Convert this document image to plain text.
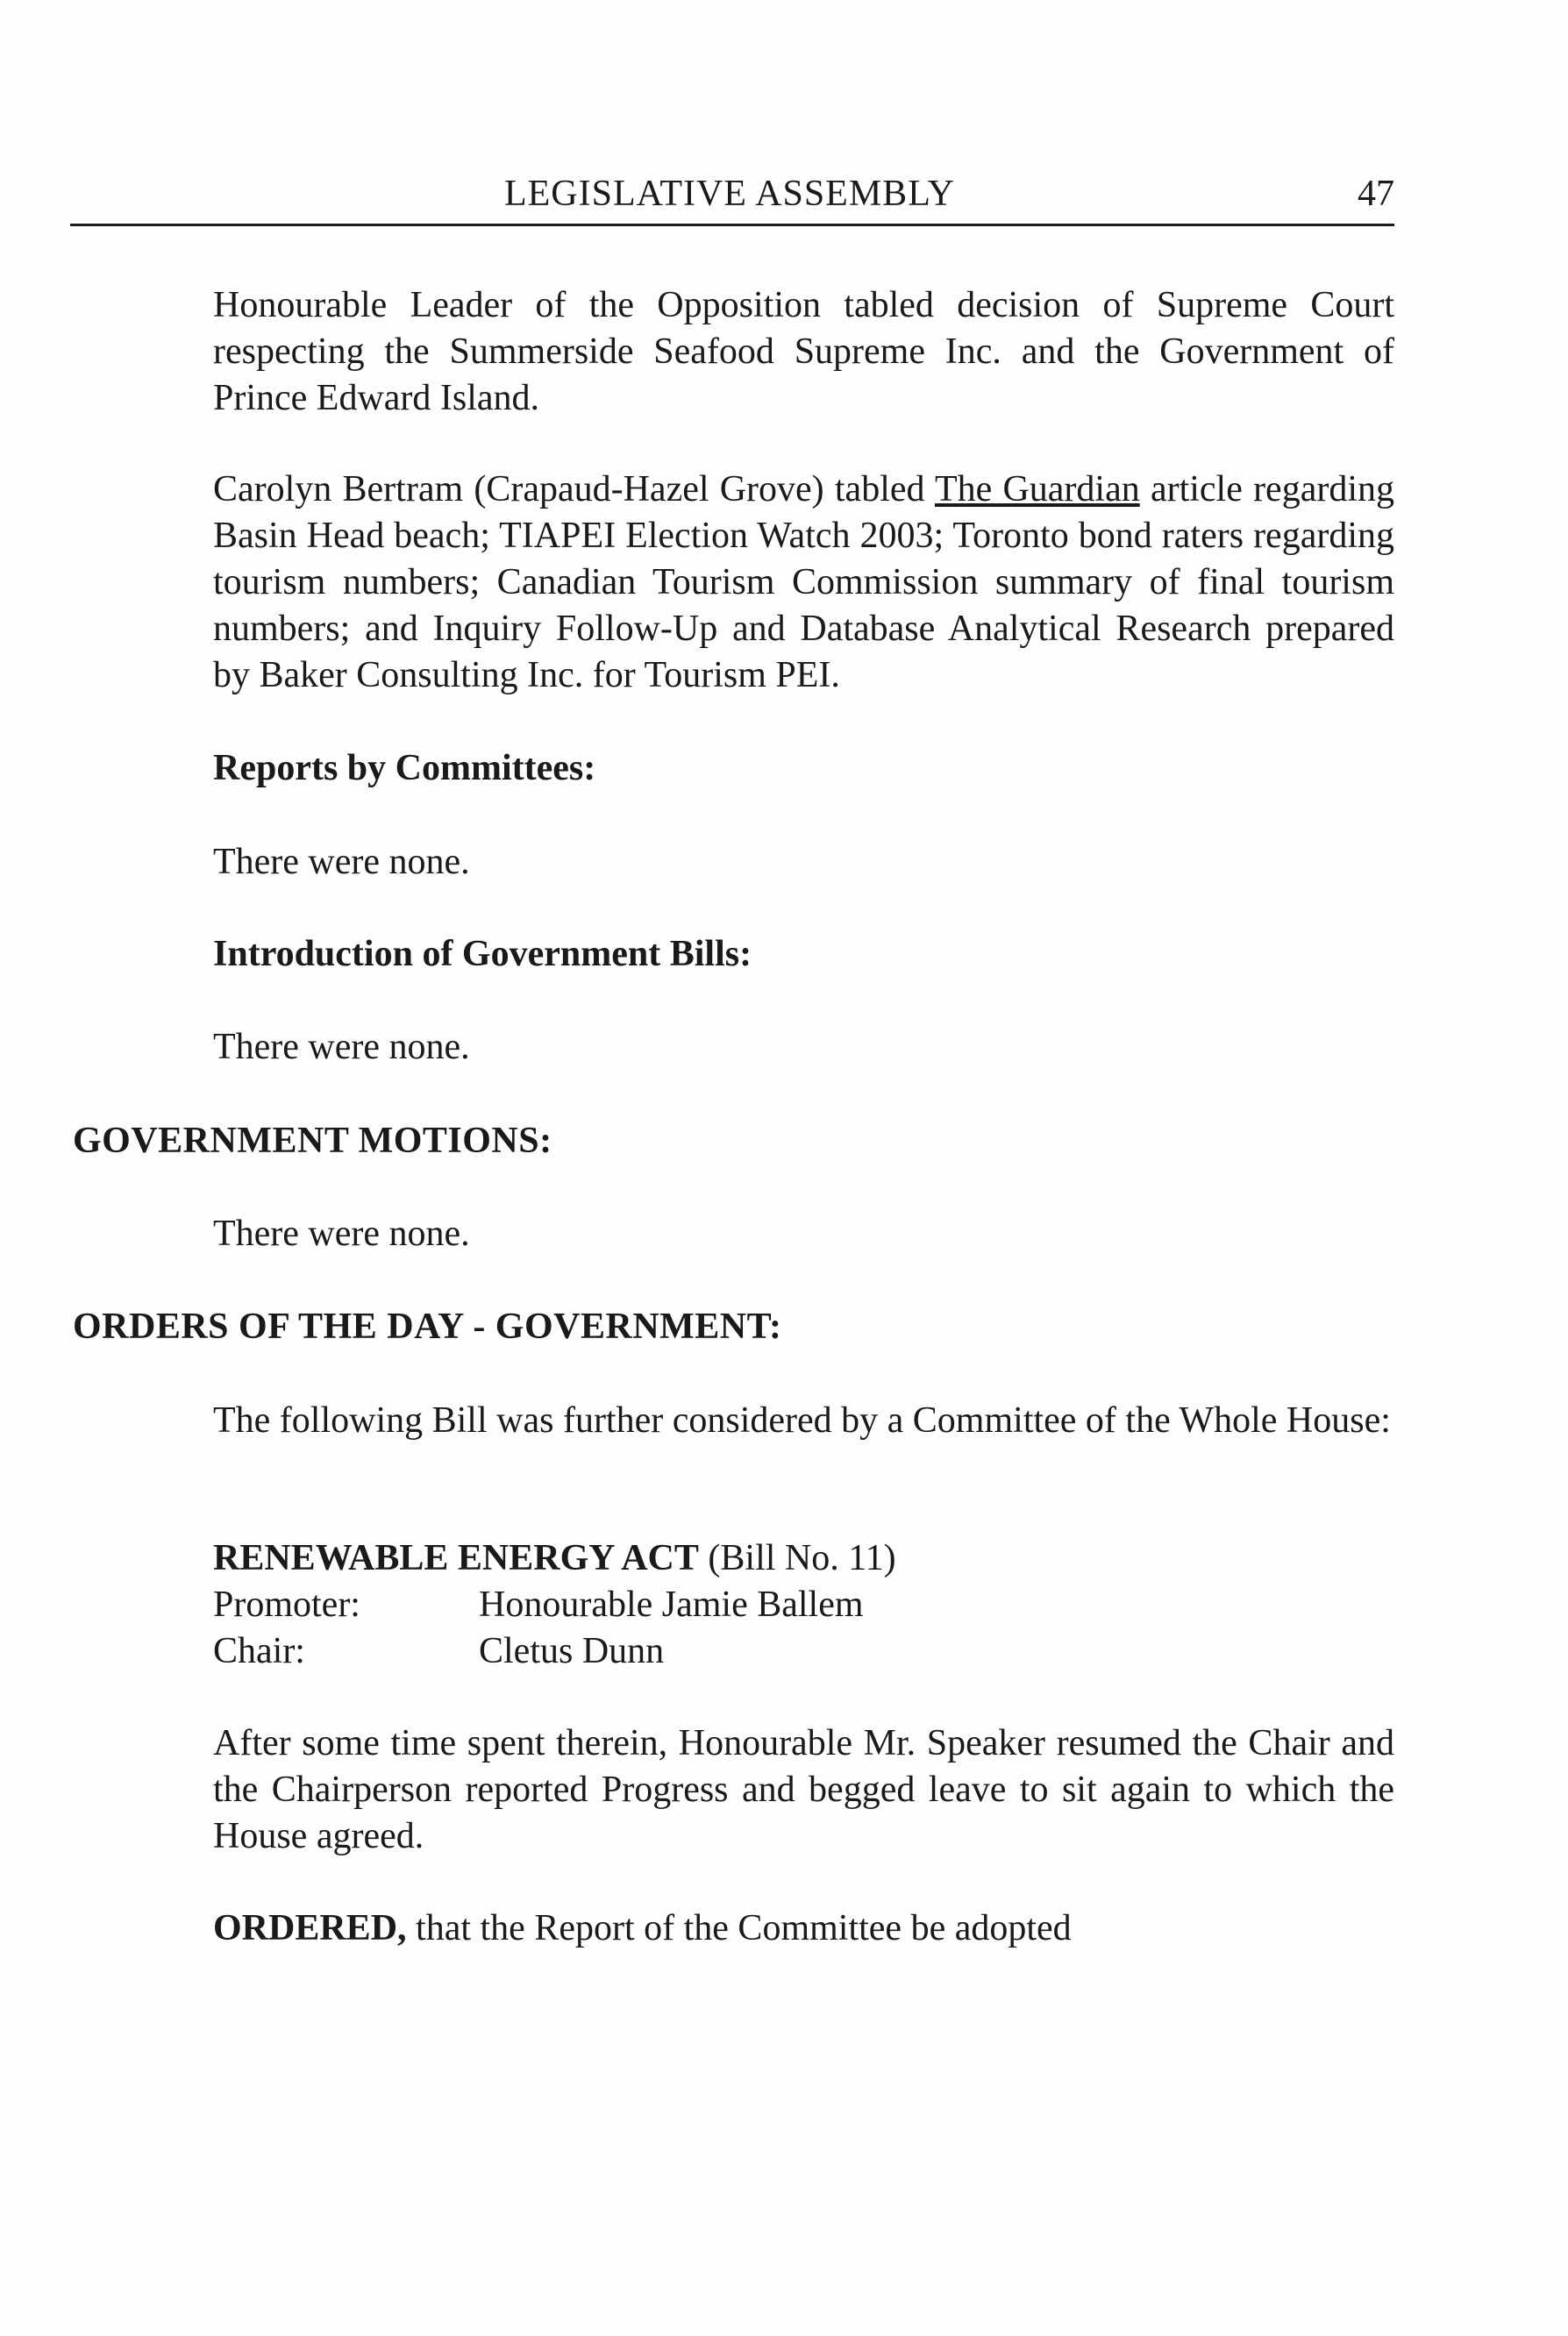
LEGISLATIVE ASSEMBLY	47

Honourable Leader of the Opposition tabled decision of Supreme Court respecting the Summerside Seafood Supreme Inc. and the Government of Prince Edward Island.

Carolyn Bertram (Crapaud-Hazel Grove) tabled The Guardian article regarding Basin Head beach; TIAPEI Election Watch 2003; Toronto bond raters regarding tourism numbers; Canadian Tourism Commission summary of final tourism numbers; and Inquiry Follow-Up and Database Analytical Research prepared by Baker Consulting Inc. for Tourism PEI.

Reports by Committees:
There were none.
Introduction of Government Bills:
There were none.
GOVERNMENT MOTIONS:
There were none.
ORDERS OF THE DAY - GOVERNMENT:

The following Bill was further considered by a Committee of the Whole House:

RENEWABLE ENERGY ACT (Bill No. 11)
Promoter:	Honourable Jamie Ballem
Chair:	Cletus Dunn

After some time spent therein, Honourable Mr. Speaker resumed the Chair and the Chairperson reported Progress and begged leave to sit again to which the House agreed.

ORDERED, that the Report of the Committee be adopted
